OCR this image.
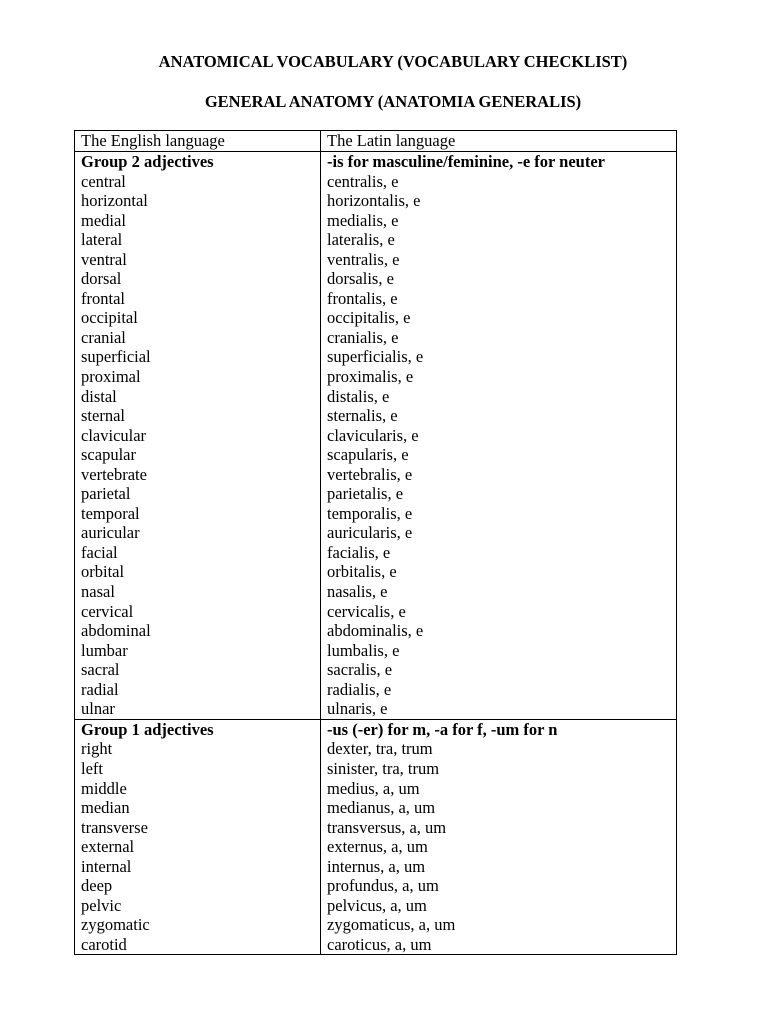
ANATOMICAL VOCABULARY (VOCABULARY CHECKLIST)
GENERAL ANATOMY (ANATOMIA GENERALIS)
The English language	The Latin language
Group 2 adjectives	-is for masculine/feminine, -e for neuter
central	centralis, e
horizontal	horizontalis, e
medial	medialis, e
lateral	lateralis, e
ventral	ventralis, e
dorsal	dorsalis, e
frontal	frontalis, e
occipital	occipitalis, e
cranial	cranialis, e
superficial	superficialis, e
proximal	proximalis, e
distal	distalis, e
sternal	sternalis, e
clavicular	clavicularis, e
scapular	scapularis, e
vertebrate	vertebralis, e
parietal	parietalis, e
temporal	temporalis, e
auricular	auricularis, e
facial	facialis, e
orbital	orbitalis, e
nasal	nasalis, e
cervical	cervicalis, e
abdominal	abdominalis, e
lumbar	lumbalis, e
sacral	sacralis, e
radial	radialis, e
ulnar	ulnaris, e
Group 1 adjectives	-us (-er) for m, -a for f, -um for n
right	dexter, tra, trum
left	sinister, tra, trum
middle	medius, a, um
median	medianus, a, um
transverse	transversus, a, um
external	externus, a, um
internal	internus, a, um
deep	profundus, a, um
pelvic	pelvicus, a, um
zygomatic	zygomaticus, a, um
carotid	caroticus, a, um
